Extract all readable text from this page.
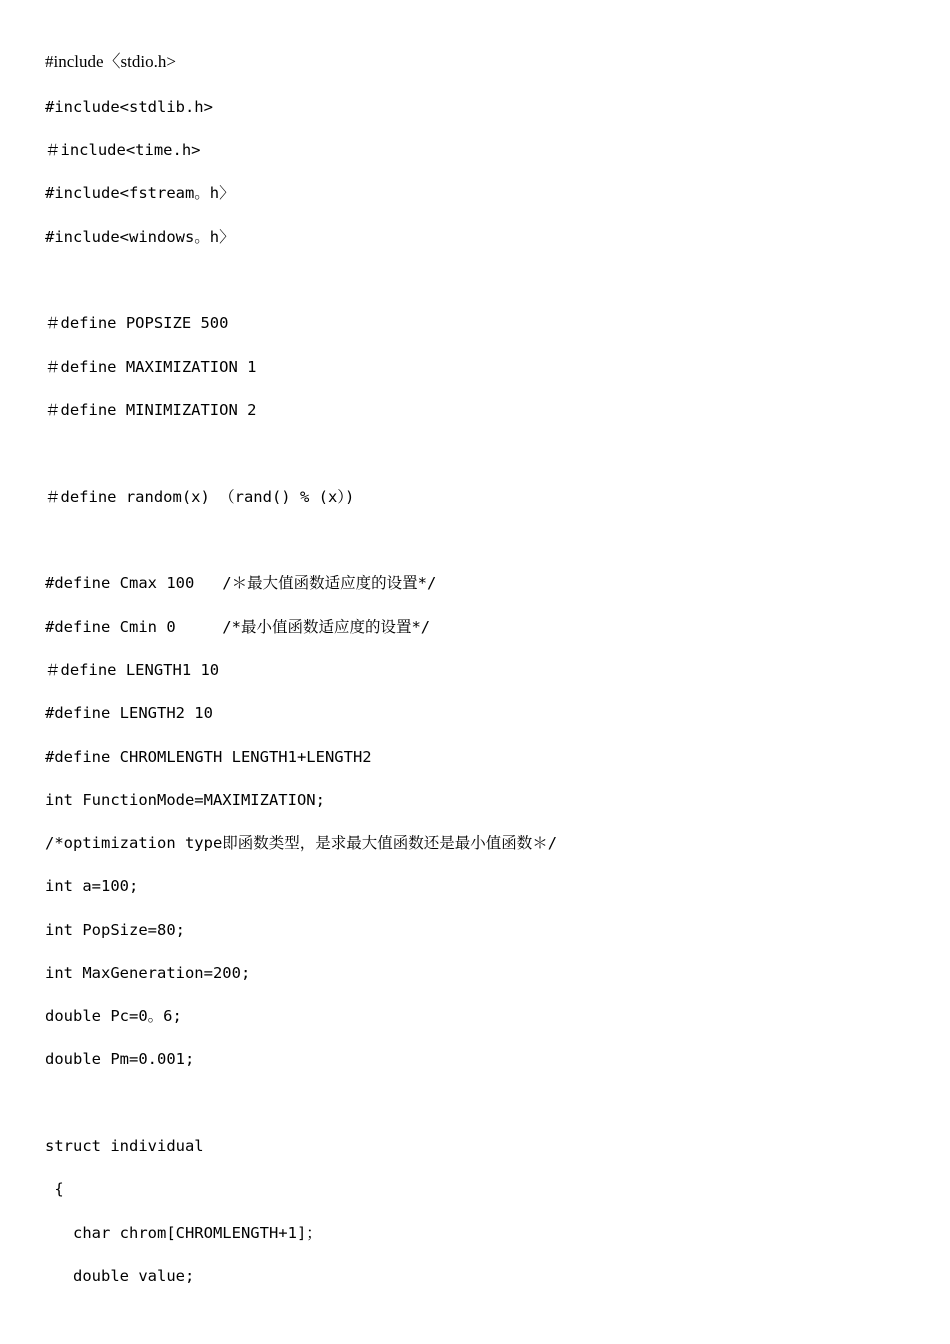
#include〈stdio.h>
#include<stdlib.h>
＃include<time.h>
#include<fstream。h〉
#include<windows。h〉
＃define POPSIZE 500
＃define MAXIMIZATION 1
＃define MINIMIZATION 2
＃define random(x) （rand() % (x）)
#define Cmax 100   /＊最大值函数适应度的设置*/
#define Cmin 0     /*最小值函数适应度的设置*/
＃define LENGTH1 10
#define LENGTH2 10
#define CHROMLENGTH LENGTH1+LENGTH2
int FunctionMode=MAXIMIZATION;
/*optimization type即函数类型，是求最大值函数还是最小值函数＊/
int a=100;
int PopSize=80;
int MaxGeneration=200;
double Pc=0。6;
double Pm=0.001;
struct individual
{
char chrom[CHROMLENGTH+1]；
double value;
